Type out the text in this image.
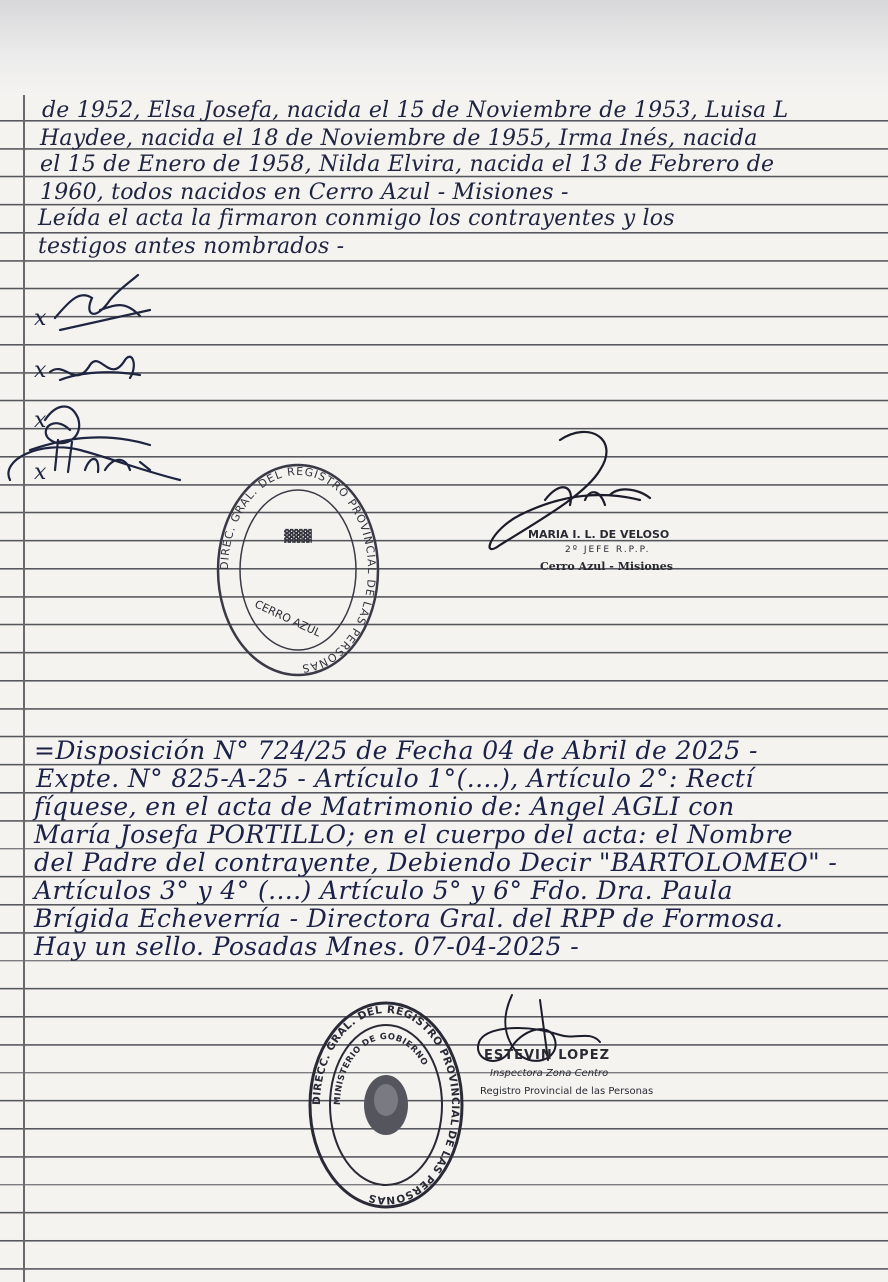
de 1952, Elsa Josefa, nacida el 15 de Noviembre de 1953, Luisa L
Haydee, nacida el 18 de Noviembre de 1955, Irma Inés, nacida
el 15 de Enero de 1958, Nilda Elvira, nacida el 13 de Febrero de
1960, todos nacidos en Cerro Azul - Misiones -
Leída el acta la firmaron conmigo los contrayentes y los
testigos antes nombrados -
x
x
x
x
DIREC. GRAL. DEL REGISTRO PROVINCIAL DE LAS PERSONAS
▓▓▓
CERRO AZUL
MARIA I. L. DE VELOSO
2º JEFE R.P.P.
Cerro Azul - Misiones
=Disposición N° 724/25 de Fecha 04 de Abril de 2025 -
Expte. N° 825-A-25 - Artículo 1°(....), Artículo 2°: Rectí
fíquese, en el acta de Matrimonio de: Angel AGLI con
María Josefa PORTILLO; en el cuerpo del acta: el Nombre
del Padre del contrayente, Debiendo Decir "BARTOLOMEO" -
Artículos 3° y 4° (....) Artículo 5° y 6° Fdo. Dra. Paula
Brígida Echeverría - Directora Gral. del RPP de Formosa.
Hay un sello. Posadas Mnes. 07-04-2025 -
DIRECC. GRAL. DEL REGISTRO PROVINCIAL DE LAS PERSONAS
MINISTERIO DE GOBIERNO	ESTEVIN LOPEZ
Inspectora Zona Centro
Registro Provincial de las Personas
